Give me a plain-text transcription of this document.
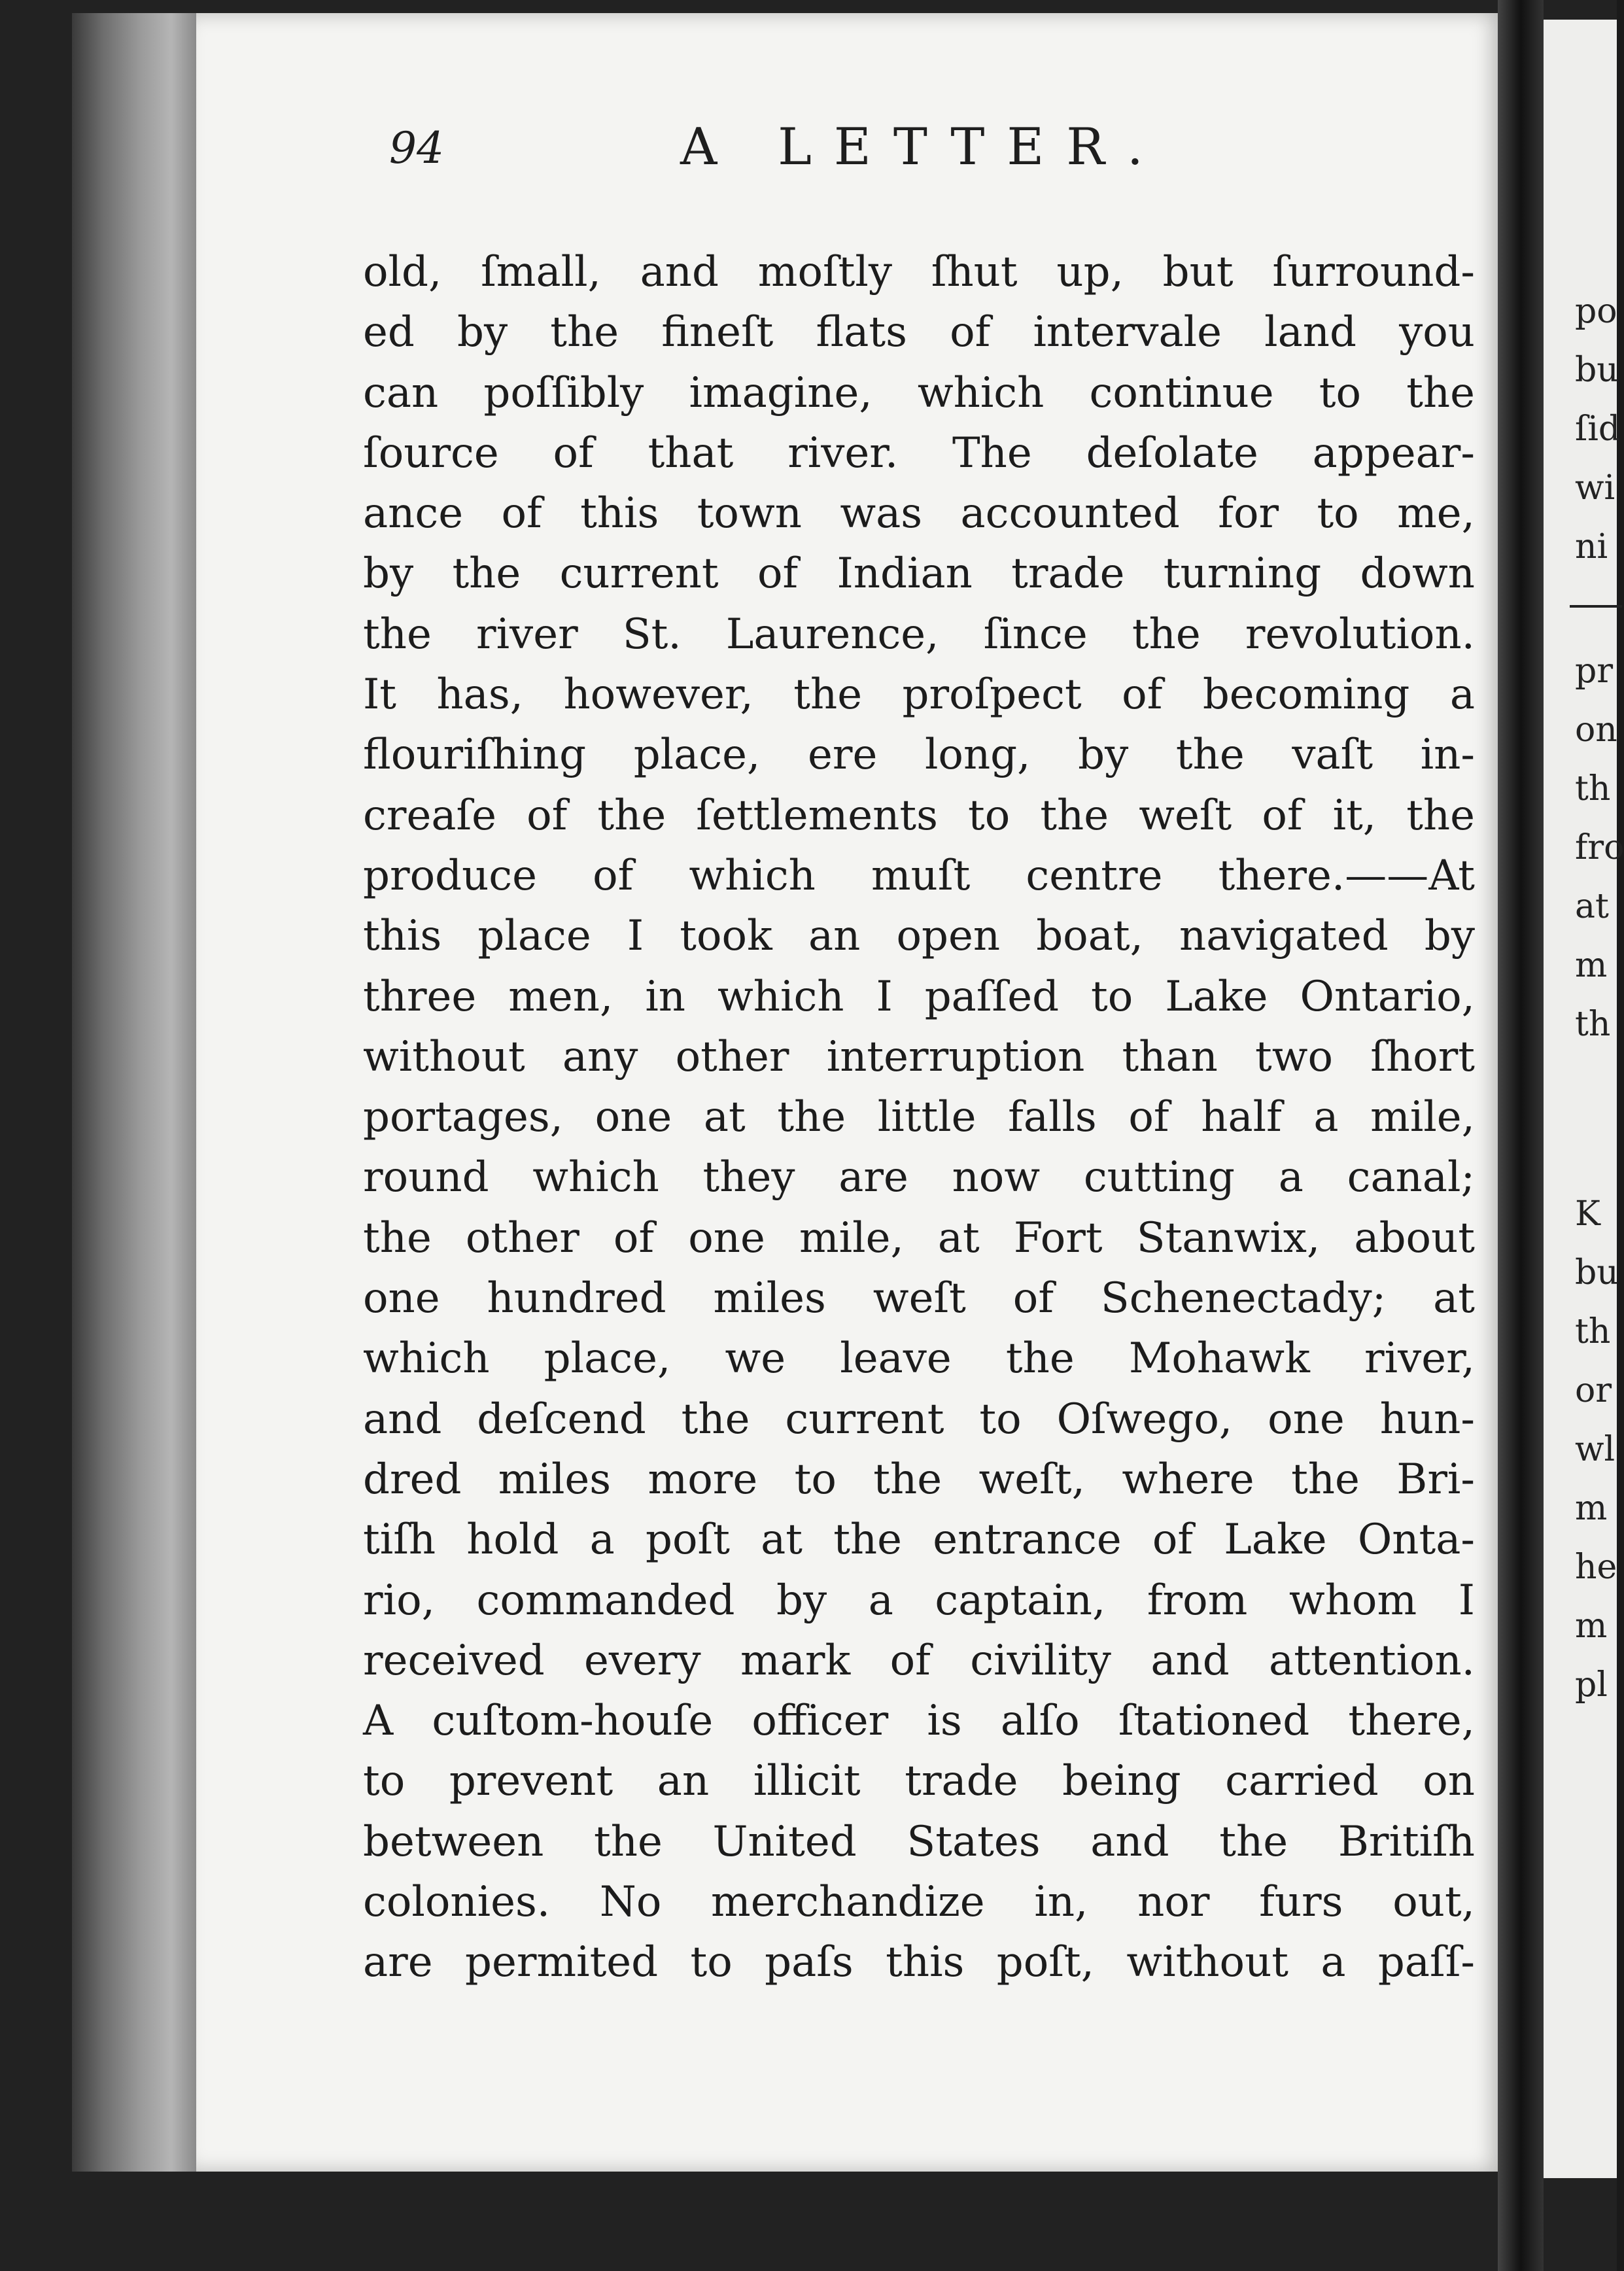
94	A LETTER.
old, ſmall, and moſtly ſhut up, but ſurround-
ed by the fineſt flats of intervale land you
can poſſibly imagine, which continue to the
ſource of that river. The deſolate appear-
ance of this town was accounted for to me,
by the current of Indian trade turning down
the river St. Laurence, ſince the revolution.
It has, however, the proſpect of becoming a
flouriſhing place, ere long, by the vaſt in-
creaſe of the ſettlements to the weſt of it, the
produce of which muſt centre there.——At
this place I took an open boat, navigated by
three men, in which I paſſed to Lake Ontario,
without any other interruption than two ſhort
portages, one at the little falls of half a mile,
round which they are now cutting a canal;
the other of one mile, at Fort Stanwix, about
one hundred miles weſt of Schenectady; at
which place, we leave the Mohawk river,
and deſcend the current to Oſwego, one hun-
dred miles more to the weſt, where the Bri-
tiſh hold a poſt at the entrance of Lake Onta-
rio, commanded by a captain, from whom I
received every mark of civility and attention.
A cuſtom-houſe officer is alſo ſtationed there,
to prevent an illicit trade being carried on
between the United States and the Britiſh
colonies. No merchandize in, nor furs out,
are permited to paſs this poſt, without a paſſ-
po
bu
ſid
wi
ni
pr
on
th
fro
at
m
th
K
bu
th
or
wl
m
he
m
pl
